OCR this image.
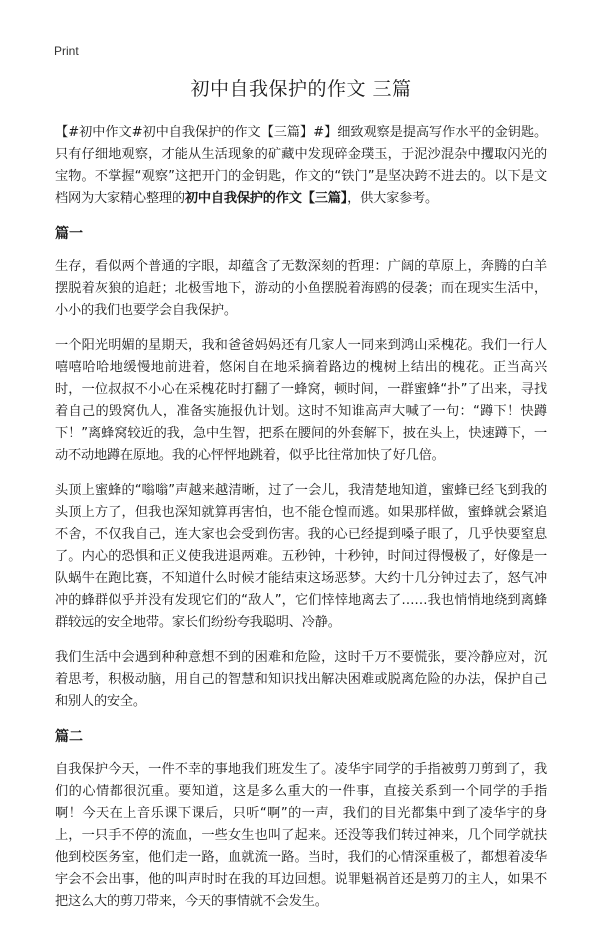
Print
初中自我保护的作文 三篇

【#初中作文#初中自我保护的作文【三篇】#】细致观察是提高写作水平的金钥匙。只有仔细地观察，才能从生活现象的矿藏中发现碎金璞玉，于泥沙混杂中攫取闪光的宝物。不掌握“观察”这把开门的金钥匙，作文的“铁门”是坚决跨不进去的。以下是文档网为大家精心整理的初中自我保护的作文【三篇】，供大家参考。

篇一

生存，看似两个普通的字眼，却蕴含了无数深刻的哲理：广阔的草原上，奔腾的白羊摆脱着灰狼的追赶；北极雪地下，游动的小鱼摆脱着海鸥的侵袭；而在现实生活中，小小的我们也要学会自我保护。

一个阳光明媚的星期天，我和爸爸妈妈还有几家人一同来到鸿山采槐花。我们一行人嘻嘻哈哈地缓慢地前进着，悠闲自在地采摘着路边的槐树上结出的槐花。正当高兴时，一位叔叔不小心在采槐花时打翻了一蜂窝，顿时间，一群蜜蜂“扑”了出来，寻找着自己的毁窝仇人，准备实施报仇计划。这时不知谁高声大喊了一句：“蹲下！快蹲下！”离蜂窝较近的我，急中生智，把系在腰间的外套解下，披在头上，快速蹲下，一动不动地蹲在原地。我的心怦怦地跳着，似乎比往常加快了好几倍。

头顶上蜜蜂的“嗡嗡”声越来越清晰，过了一会儿，我清楚地知道，蜜蜂已经飞到我的头顶上方了，但我也深知就算再害怕，也不能仓惶而逃。如果那样做，蜜蜂就会紧追不舍，不仅我自己，连大家也会受到伤害。我的心已经提到嗓子眼了，几乎快要窒息了。内心的恐惧和正义使我进退两难。五秒钟，十秒钟，时间过得慢极了，好像是一队蜗牛在跑比赛，不知道什么时候才能结束这场恶梦。大约十几分钟过去了，怒气冲冲的蜂群似乎并没有发现它们的“敌人”，它们悻悻地离去了……我也悄悄地绕到离蜂群较远的安全地带。家长们纷纷夸我聪明、冷静。

我们生活中会遇到种种意想不到的困难和危险，这时千万不要慌张，要冷静应对，沉着思考，积极动脑，用自己的智慧和知识找出解决困难或脱离危险的办法，保护自己和别人的安全。

篇二

自我保护今天，一件不幸的事地我们班发生了。凌华宇同学的手指被剪刀剪到了，我们的心情都很沉重。要知道，这是多么重大的一件事，直接关系到一个同学的手指啊！今天在上音乐课下课后，只听“啊”的一声，我们的目光都集中到了凌华宇的身上，一只手不停的流血，一些女生也叫了起来。还没等我们转过神来，几个同学就扶他到校医务室，他们走一路，血就流一路。当时，我们的心情深重极了，都想着凌华宇会不会出事，他的叫声时时在我的耳边回想。说罪魁祸首还是剪刀的主人，如果不把这么大的剪刀带来，今天的事情就不会发生。
